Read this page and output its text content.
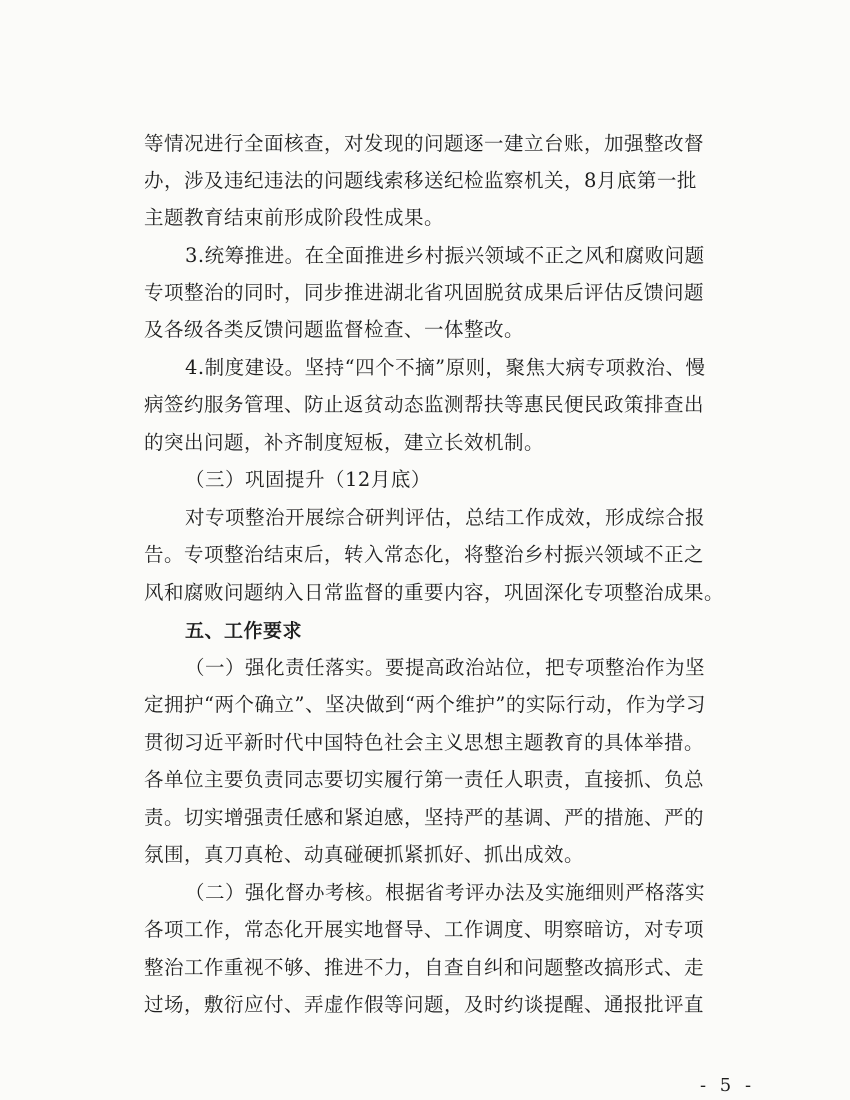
等情况进行全面核查，对发现的问题逐一建立台账，加强整改督
办，涉及违纪违法的问题线索移送纪检监察机关，8月底第一批
主题教育结束前形成阶段性成果。
3.统筹推进。在全面推进乡村振兴领域不正之风和腐败问题
专项整治的同时，同步推进湖北省巩固脱贫成果后评估反馈问题
及各级各类反馈问题监督检查、一体整改。
4.制度建设。坚持“四个不摘”原则，聚焦大病专项救治、慢
病签约服务管理、防止返贫动态监测帮扶等惠民便民政策排查出
的突出问题，补齐制度短板，建立长效机制。
（三）巩固提升（12月底）
对专项整治开展综合研判评估，总结工作成效，形成综合报
告。专项整治结束后，转入常态化，将整治乡村振兴领域不正之
风和腐败问题纳入日常监督的重要内容，巩固深化专项整治成果。
五、工作要求
（一）强化责任落实。要提高政治站位，把专项整治作为坚
定拥护“两个确立”、坚决做到“两个维护”的实际行动，作为学习
贯彻习近平新时代中国特色社会主义思想主题教育的具体举措。
各单位主要负责同志要切实履行第一责任人职责，直接抓、负总
责。切实增强责任感和紧迫感，坚持严的基调、严的措施、严的
氛围，真刀真枪、动真碰硬抓紧抓好、抓出成效。
（二）强化督办考核。根据省考评办法及实施细则严格落实
各项工作，常态化开展实地督导、工作调度、明察暗访，对专项
整治工作重视不够、推进不力，自查自纠和问题整改搞形式、走
过场，敷衍应付、弄虚作假等问题，及时约谈提醒、通报批评直
- 5 -
